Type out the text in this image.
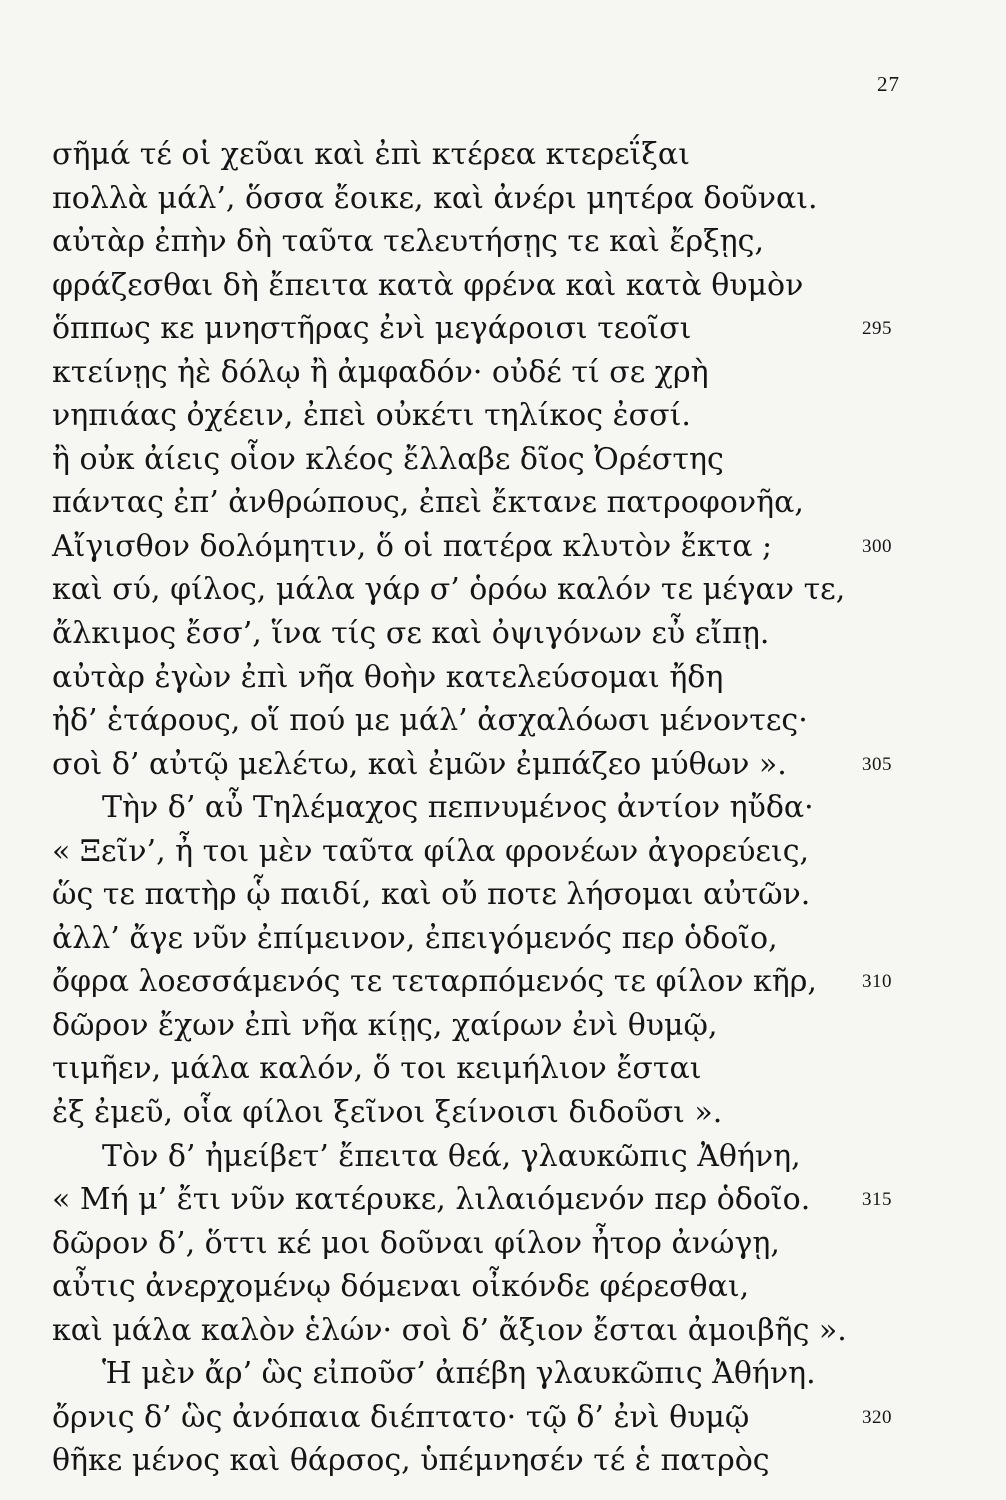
27
σῆμά τέ οἱ χεῦαι καὶ ἐπὶ κτέρεα κτερεΐξαι
πολλὰ μάλ’, ὅσσα ἔοικε, καὶ ἀνέρι μητέρα δοῦναι.
αὐτὰρ ἐπὴν δὴ ταῦτα τελευτήσῃς τε καὶ ἔρξῃς,
φράζεσθαι δὴ ἔπειτα κατὰ φρένα καὶ κατὰ θυμὸν
ὅππως κε μνηστῆρας ἐνὶ μεγάροισι τεοῖσι	295
κτείνῃς ἠὲ δόλῳ ἢ ἀμφαδόν· οὐδέ τί σε χρὴ
νηπιάας ὀχέειν, ἐπεὶ οὐκέτι τηλίκος ἐσσί.
ἢ οὐκ ἀίεις οἷον κλέος ἔλλαβε δῖος Ὀρέστης
πάντας ἐπ’ ἀνθρώπους, ἐπεὶ ἔκτανε πατροφονῆα,
Αἴγισθον δολόμητιν, ὅ οἱ πατέρα κλυτὸν ἔκτα ;	300
καὶ σύ, φίλος, μάλα γάρ σ’ ὁρόω καλόν τε μέγαν τε,
ἄλκιμος ἔσσ’, ἵνα τίς σε καὶ ὀψιγόνων εὖ εἴπῃ.
αὐτὰρ ἐγὼν ἐπὶ νῆα θοὴν κατελεύσομαι ἤδη
ἠδ’ ἑτάρους, οἵ πού με μάλ’ ἀσχαλόωσι μένοντες·
σοὶ δ’ αὐτῷ μελέτω, καὶ ἐμῶν ἐμπάζεο μύθων ».	305
Τὴν δ’ αὖ Τηλέμαχος πεπνυμένος ἀντίον ηὔδα·
« Ξεῖν’, ἦ τοι μὲν ταῦτα φίλα φρονέων ἀγορεύεις,
ὥς τε πατὴρ ᾧ παιδί, καὶ οὔ ποτε λήσομαι αὐτῶν.
ἀλλ’ ἄγε νῦν ἐπίμεινον, ἐπειγόμενός περ ὁδοῖο,
ὄφρα λοεσσάμενός τε τεταρπόμενός τε φίλον κῆρ, 310
δῶρον ἔχων ἐπὶ νῆα κίῃς, χαίρων ἐνὶ θυμῷ,
τιμῆεν, μάλα καλόν, ὅ τοι κειμήλιον ἔσται
ἐξ ἐμεῦ, οἷα φίλοι ξεῖνοι ξείνοισι διδοῦσι ».
Τὸν δ’ ἠμείβετ’ ἔπειτα θεά, γλαυκῶπις Ἀθήνη,
« Μή μ’ ἔτι νῦν κατέρυκε, λιλαιόμενόν περ ὁδοῖο.	315
δῶρον δ’, ὅττι κέ μοι δοῦναι φίλον ἦτορ ἀνώγῃ,
αὖτις ἀνερχομένῳ δόμεναι οἶκόνδε φέρεσθαι,
καὶ μάλα καλὸν ἑλών· σοὶ δ’ ἄξιον ἔσται ἀμοιβῆς ».
Ἡ μὲν ἄρ’ ὣς εἰποῦσ’ ἀπέβη γλαυκῶπις Ἀθήνη.
ὄρνις δ’ ὣς ἀνόπαια διέπτατο· τῷ δ’ ἐνὶ θυμῷ	320
θῆκε μένος καὶ θάρσος, ὑπέμνησέν τέ ἑ πατρὸς
